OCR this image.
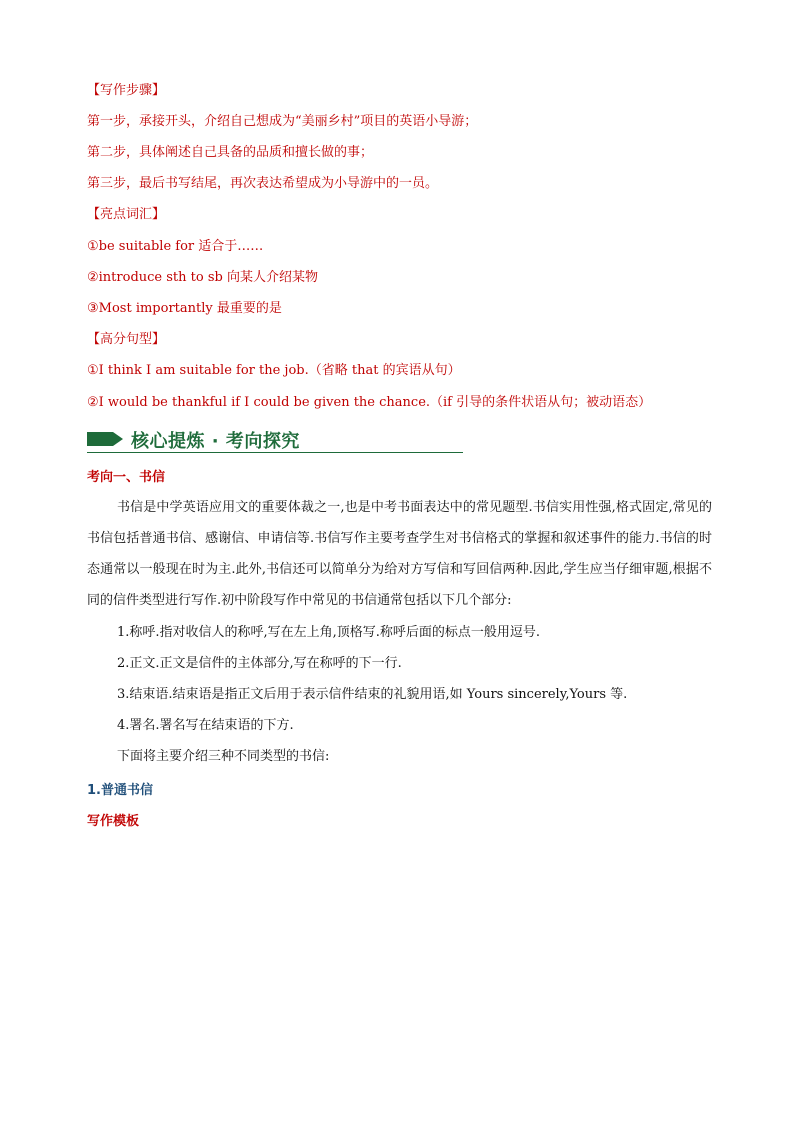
【写作步骤】
第一步，承接开头，介绍自己想成为“美丽乡村”项目的英语小导游；
第二步，具体阐述自己具备的品质和擅长做的事；
第三步，最后书写结尾，再次表达希望成为小导游中的一员。
【亮点词汇】
①be suitable for 适合于……
②introduce sth to sb 向某人介绍某物
③Most importantly 最重要的是
【高分句型】
①I think I am suitable for the job.（省略 that 的宾语从句）
②I would be thankful if I could be given the chance.（if 引导的条件状语从句；被动语态）
核心提炼 · 考向探究
考向一、书信
书信是中学英语应用文的重要体裁之一,也是中考书面表达中的常见题型.书信实用性强,格式固定,常见的书信包括普通书信、感谢信、申请信等.书信写作主要考查学生对书信格式的掌握和叙述事件的能力.书信的时态通常以一般现在时为主.此外,书信还可以简单分为给对方写信和写回信两种.因此,学生应当仔细审题,根据不同的信件类型进行写作.初中阶段写作中常见的书信通常包括以下几个部分:
1.称呼.指对收信人的称呼,写在左上角,顶格写.称呼后面的标点一般用逗号.
2.正文.正文是信件的主体部分,写在称呼的下一行.
3.结束语.结束语是指正文后用于表示信件结束的礼貌用语,如 Yours sincerely,Yours 等.
4.署名.署名写在结束语的下方.
下面将主要介绍三种不同类型的书信:
1.普通书信
写作模板
